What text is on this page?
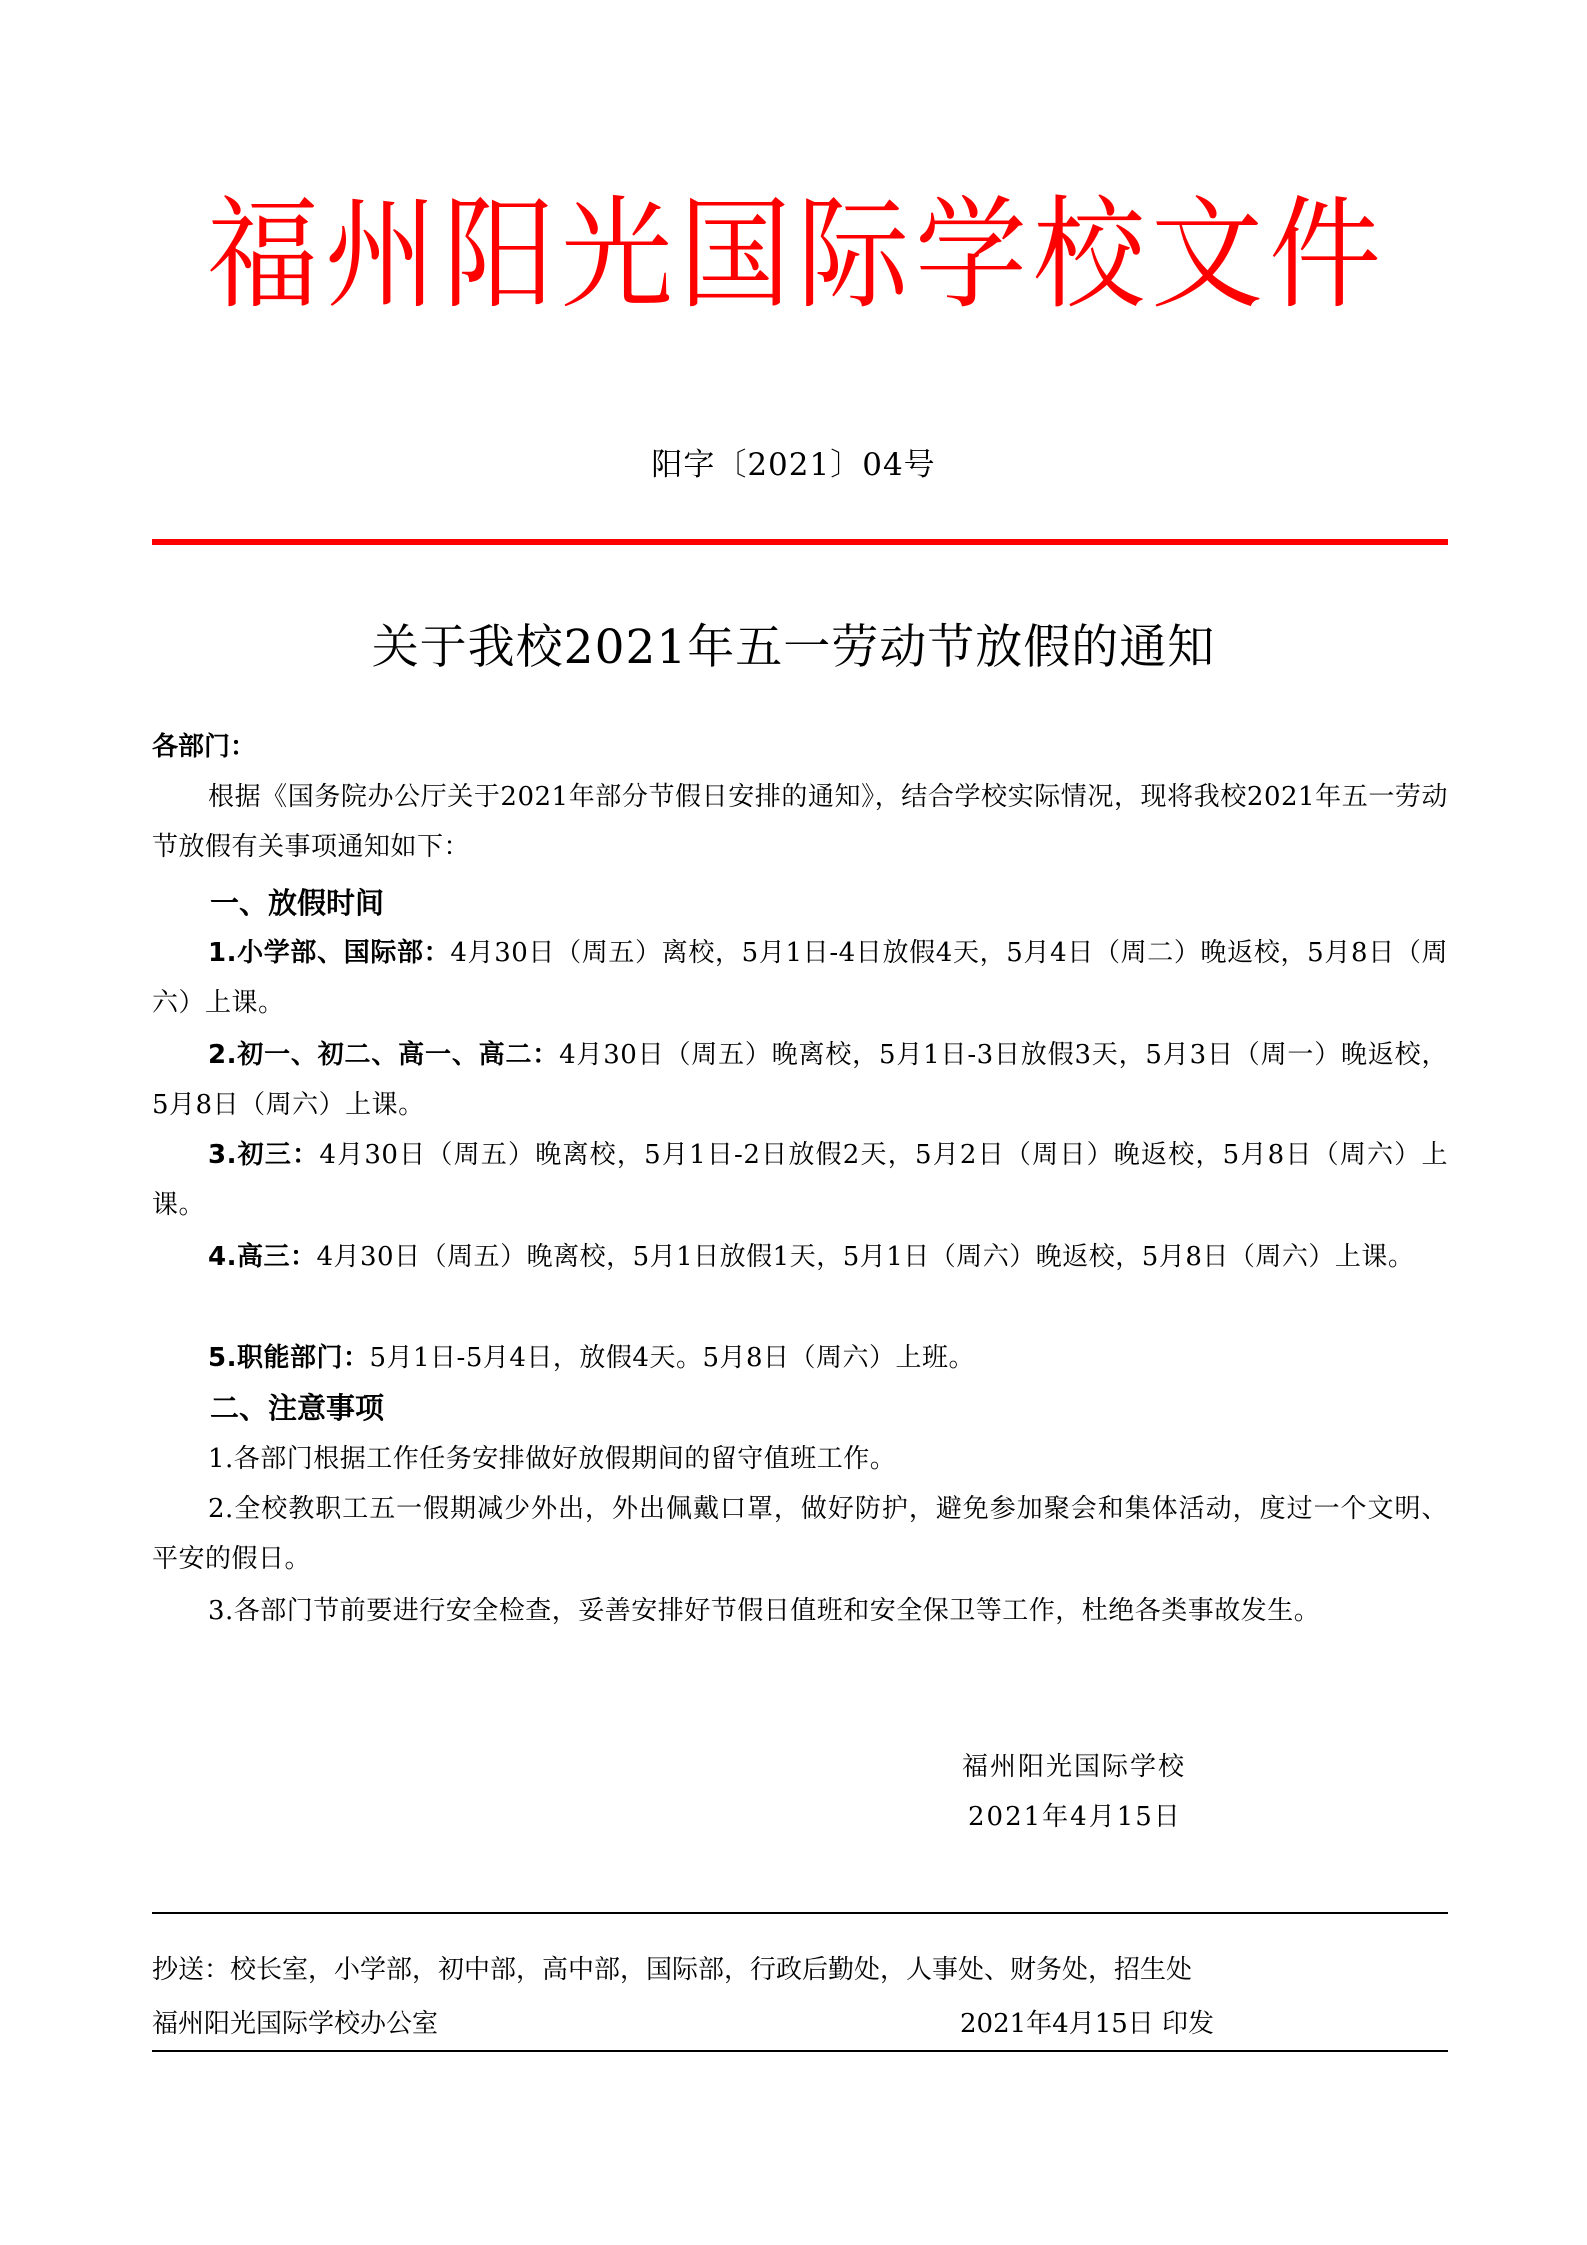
福州阳光国际学校文件
阳字〔2021〕04号
关于我校2021年五一劳动节放假的通知
各部门：
根据《国务院办公厅关于2021年部分节假日安排的通知》，结合学校实际情况，现将我校2021年五一劳动节放假有关事项通知如下：
一、放假时间
1.小学部、国际部：4月30日（周五）离校，5月1日-4日放假4天，5月4日（周二）晚返校，5月8日（周六）上课。
2.初一、初二、高一、高二：4月30日（周五）晚离校，5月1日-3日放假3天，5月3日（周一）晚返校，5月8日（周六）上课。
3.初三：4月30日（周五）晚离校，5月1日-2日放假2天，5月2日（周日）晚返校，5月8日（周六）上课。
4.高三：4月30日（周五）晚离校，5月1日放假1天，5月1日（周六）晚返校，5月8日（周六）上课。
5.职能部门：5月1日-5月4日，放假4天。5月8日（周六）上班。
二、注意事项
1.各部门根据工作任务安排做好放假期间的留守值班工作。
2.全校教职工五一假期减少外出，外出佩戴口罩，做好防护，避免参加聚会和集体活动，度过一个文明、平安的假日。
3.各部门节前要进行安全检查，妥善安排好节假日值班和安全保卫等工作，杜绝各类事故发生。
福州阳光国际学校
2021年4月15日
抄送：校长室，小学部，初中部，高中部，国际部，行政后勤处，人事处、财务处，招生处
福州阳光国际学校办公室	2021年4月15日 印发
